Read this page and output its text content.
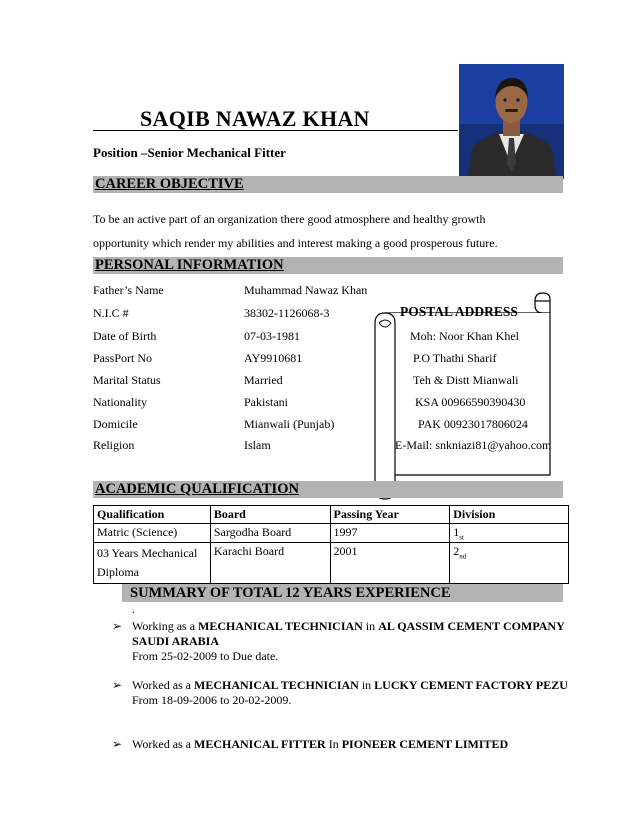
SAQIB NAWAZ KHAN
Position –Senior Mechanical Fitter
CAREER OBJECTIVE
To be an active part of an organization there good atmosphere and healthy growth
opportunity which render my abilities and interest making a good prosperous future.
PERSONAL INFORMATION
Father’s Name	Muhammad Nawaz Khan
N.I.C #	38302-1126068-3
Date of Birth	07-03-1981
PassPort No	AY9910681
Marital Status	Married
Nationality	Pakistani
Domicile	Mianwali (Punjab)
Religion	Islam
POSTAL ADDRESS
Moh: Noor Khan Khel
P.O Thathi Sharif
Teh & Distt Mianwali
KSA 00966590390430
PAK 00923017806024
E-Mail: snkniazi81@yahoo.com
ACADEMIC QUALIFICATION
Qualification	Board	Passing Year	Division
Matric (Science)	Sargodha Board	1997	$1_{st}$
03 Years Mechanical
Diploma	Karachi Board	2001	$2_{nd}$
SUMMARY OF TOTAL 12 YEARS EXPERIENCE
.
➢ Working as a MECHANICAL TECHNICIAN in AL QASSIM CEMENT COMPANY SAUDI ARABIA
From 25-02-2009 to Due date.
➢ Worked as a MECHANICAL TECHNICIAN in LUCKY CEMENT FACTORY PEZU
From 18-09-2006 to 20-02-2009.
➢ Worked as a MECHANICAL FITTER In PIONEER CEMENT LIMITED
